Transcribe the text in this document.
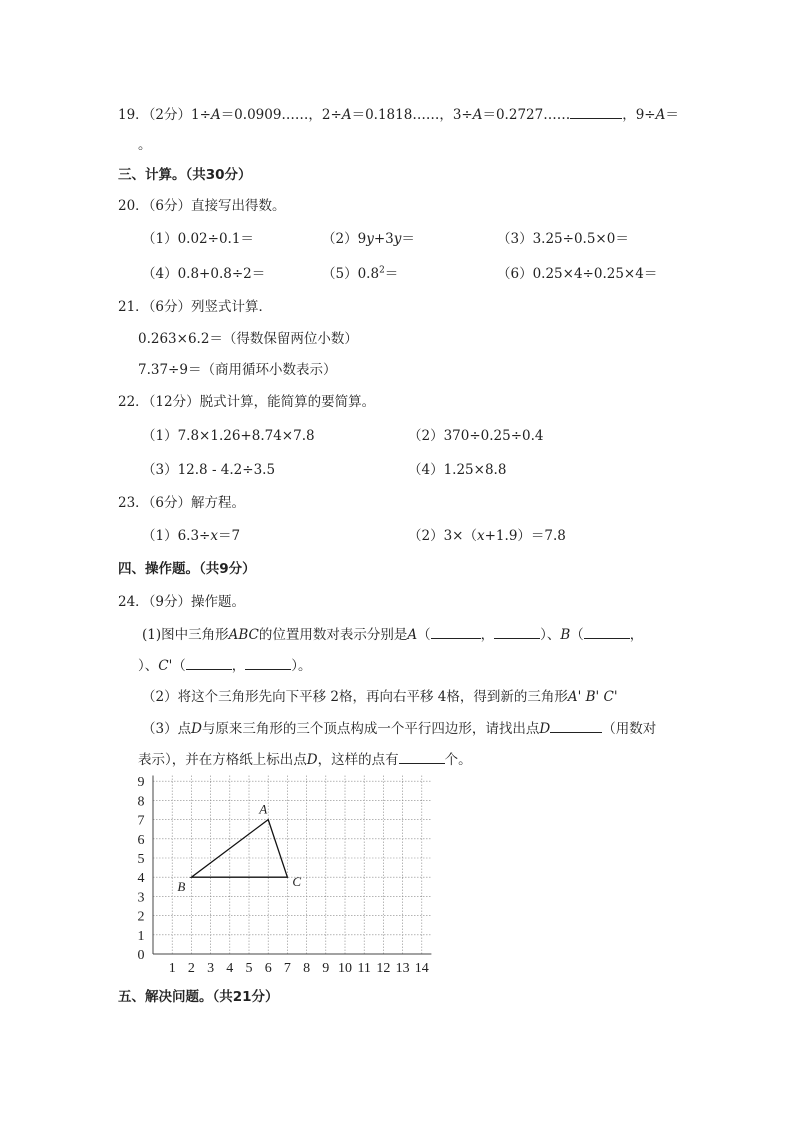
19．（2分）1÷A＝0.0909……，2÷A＝0.1818……，3÷A＝0.2727……	，9÷A＝
。
三、计算。（共30分）
20．（6分）直接写出得数。
（1）0.02÷0.1＝	（2）9y+3y＝	（3）3.25÷0.5×0＝
（4）0.8+0.8÷2＝	$(5)0.8^2=$	（6）0.25×4÷0.25×4＝
21．（6分）列竖式计算．
0.263×6.2＝（得数保留两位小数）
7.37÷9＝（商用循环小数表示）
22．（12分）脱式计算，能简算的要简算。
（1）7.8×1.26+8.74×7.8	（2）370÷0.25÷0.4
（3）12.8 - 4.2÷3.5	（4）1.25×8.8
23．（6分）解方程。
（1）6.3÷x＝7	（2）3×（x+1.9）＝7.8
四、操作题。（共9分）
24．（9分）操作题。
(1)图中三角形ABC的位置用数对表示分别是A（	，	）、B（	，
）、C'（	，	）。
（2）将这个三角形先向下平移 2格，再向右平移 4格，得到新的三角形A' B' C'
（3）点D与原来三角形的三个顶点构成一个平行四边形，请找出点D	（用数对
表示），并在方格纸上标出点D，这样的点有	个。
1 2 3 4 5 6 7 8 9 10 11 12 13 14
0
1
2
3
4
5
6
7
8
9
A
B	C
五、解决问题。（共21分）
